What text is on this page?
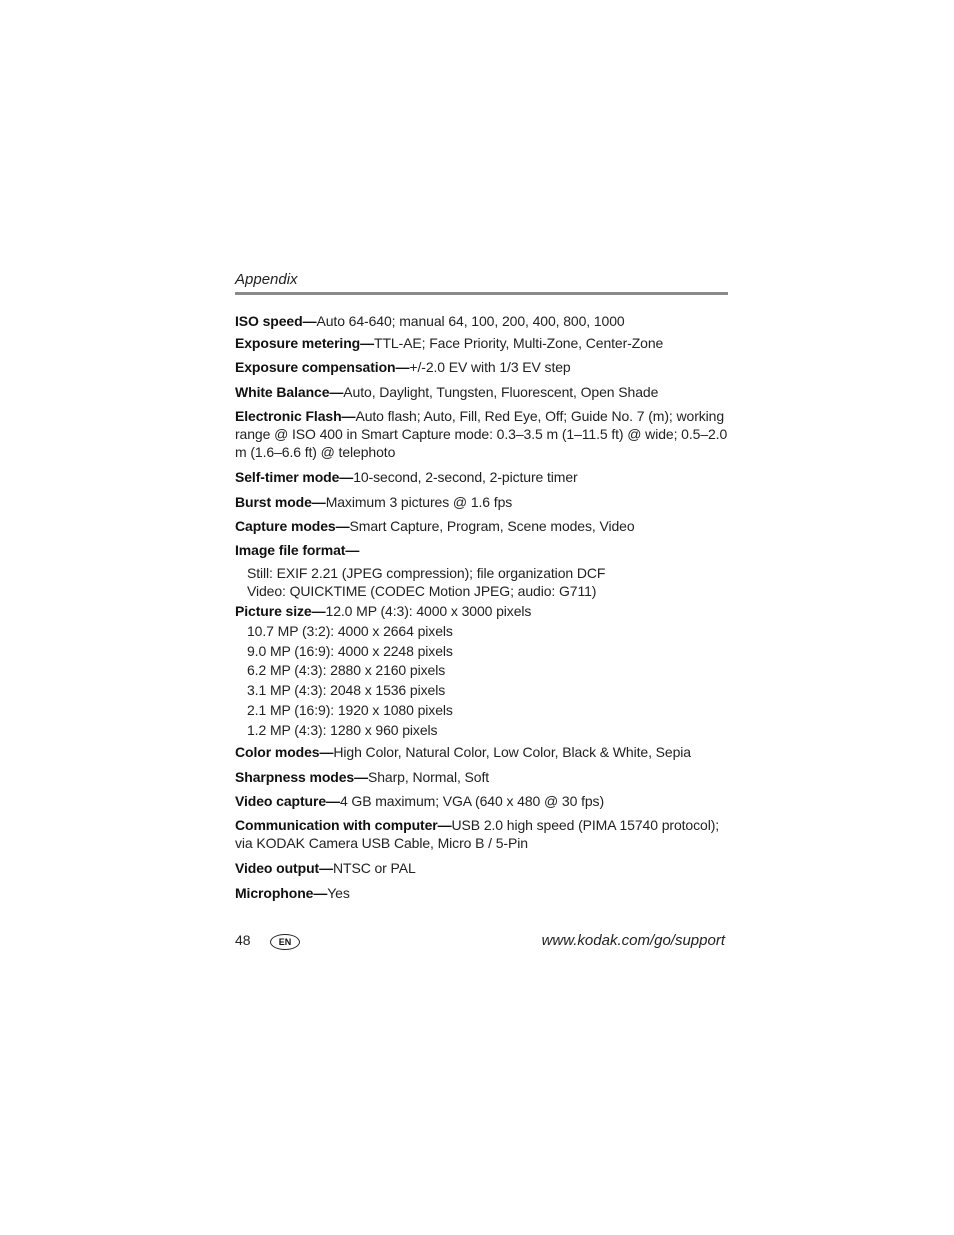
Appendix
ISO speed—Auto 64-640; manual 64, 100, 200, 400, 800, 1000
Exposure metering—TTL-AE; Face Priority, Multi-Zone, Center-Zone
Exposure compensation—+/-2.0 EV with 1/3 EV step
White Balance—Auto, Daylight, Tungsten, Fluorescent, Open Shade
Electronic Flash—Auto flash; Auto, Fill, Red Eye, Off; Guide No. 7 (m); working range @ ISO 400 in Smart Capture mode: 0.3–3.5 m (1–11.5 ft) @ wide; 0.5–2.0 m (1.6–6.6 ft) @ telephoto
Self-timer mode—10-second, 2-second, 2-picture timer
Burst mode—Maximum 3 pictures @ 1.6 fps
Capture modes—Smart Capture, Program, Scene modes, Video
Image file format—
Still: EXIF 2.21 (JPEG compression); file organization DCF
Video: QUICKTIME (CODEC Motion JPEG; audio: G711)
Picture size—12.0 MP (4:3): 4000 x 3000 pixels
10.7 MP (3:2): 4000 x 2664 pixels
9.0 MP (16:9): 4000 x 2248 pixels
6.2 MP (4:3): 2880 x 2160 pixels
3.1 MP (4:3): 2048 x 1536 pixels
2.1 MP (16:9): 1920 x 1080 pixels
1.2 MP (4:3): 1280 x 960 pixels
Color modes—High Color, Natural Color, Low Color, Black & White, Sepia
Sharpness modes—Sharp, Normal, Soft
Video capture—4 GB maximum; VGA (640 x 480 @ 30 fps)
Communication with computer—USB 2.0 high speed (PIMA 15740 protocol); via KODAK Camera USB Cable, Micro B / 5-Pin
Video output—NTSC or PAL
Microphone—Yes
48	EN	www.kodak.com/go/support
